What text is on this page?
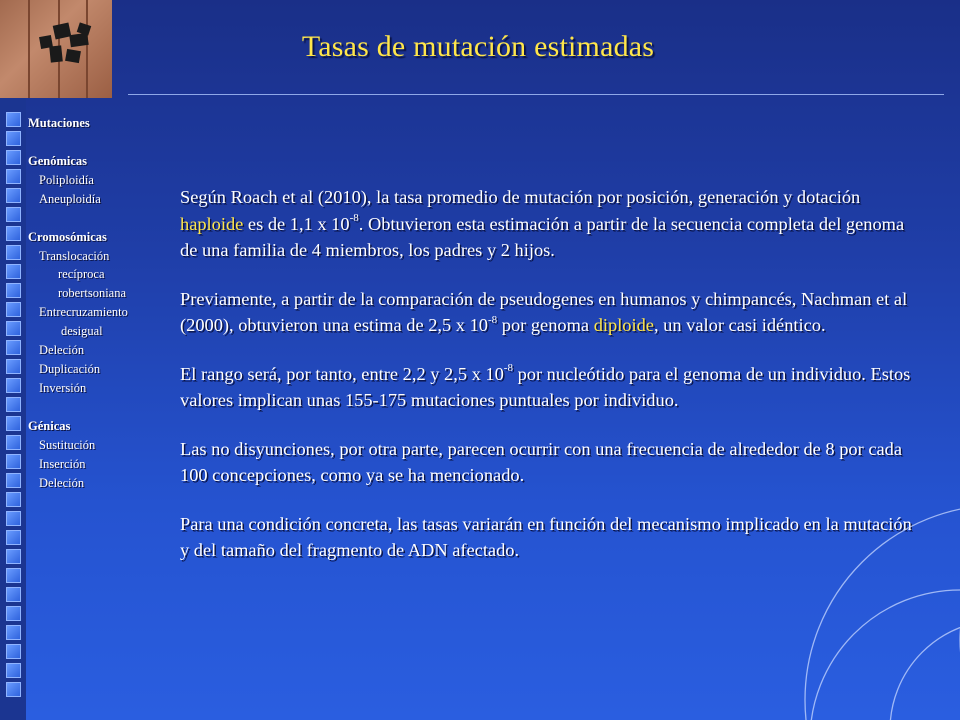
Tasas de mutación estimadas
Mutaciones
Genómicas
Poliploidía
Aneuploidía
Cromosómicas
Translocación
recíproca
robertsoniana
Entrecruzamiento
desigual
Deleción
Duplicación
Inversión
Génicas
Sustitución
Inserción
Deleción

Según Roach et al (2010), la tasa promedio de mutación por posición, generación y dotación haploide es de 1,1 x $10^{-8}$. Obtuvieron esta estimación a partir de la secuencia completa del genoma de una familia de 4 miembros, los padres y 2 hijos.

Previamente, a partir de la comparación de pseudogenes en humanos y chimpancés, Nachman et al (2000), obtuvieron una estima de 2,5 x $10^{-8}$ por genoma diploide, un valor casi idéntico.

El rango será, por tanto, entre 2,2 y 2,5 x $10^{-8}$ por nucleótido para el genoma de un individuo. Estos valores implican unas 155-175 mutaciones puntuales por individuo.

Las no disyunciones, por otra parte, parecen ocurrir con una frecuencia de alrededor de 8 por cada 100 concepciones, como ya se ha mencionado.

Para una condición concreta, las tasas variarán en función del mecanismo implicado en la mutación y del tamaño del fragmento de ADN afectado.
